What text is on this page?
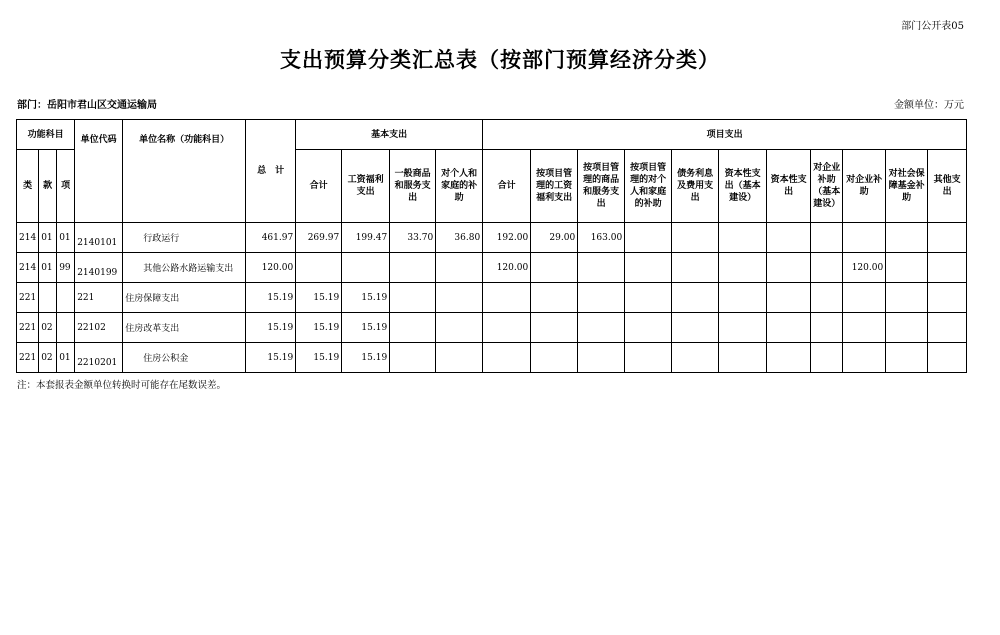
部门公开表05
支出预算分类汇总表（按部门预算经济分类）
部门：岳阳市君山区交通运输局	金额单位：万元
功能科目			单位代码	单位名称（功能科目）	总　计	基本支出				项目支出										
类	款	项				合计	工资福利支出	一般商品和服务支出	对个人和家庭的补助	合计	按项目管理的工资福利支出	按项目管理的商品和服务支出	按项目管理的对个人和家庭的补助	债务利息及费用支出	资本性支出（基本建设）	资本性支出	对企业补助（基本建设）	对企业补助	对社会保障基金补助	其他支出
214	01	01	2140101	行政运行	461.97	269.97	199.47	33.70	36.80	192.00	29.00	163.00								
214	01	99	2140199	其他公路水路运输支出	120.00					120.00								120.00		
221			221	住房保障支出	15.19	15.19	15.19													
221	02		22102	住房改革支出	15.19	15.19	15.19													
221	02	01	2210201	住房公积金	15.19	15.19	15.19													
注：本套报表金额单位转换时可能存在尾数误差。
